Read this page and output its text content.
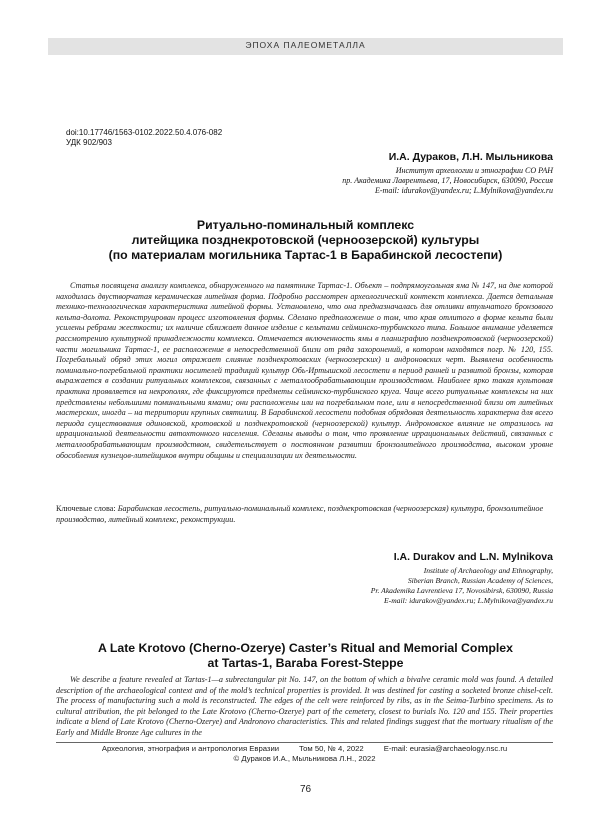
ЭПОХА ПАЛЕОМЕТАЛЛА
doi:10.17746/1563-0102.2022.50.4.076-082
УДК 902/903
И.А. Дураков, Л.Н. Мыльникова
Институт археологии и этнографии СО РАН
пр. Академика Лаврентьева, 17, Новосибирск, 630090, Россия
E-mail: idurakov@yandex.ru; L.Mylnikova@yandex.ru
Ритуально-поминальный комплекс
литейщика позднекротовской (черноозерской) культуры
(по материалам могильника Тартас-1 в Барабинской лесостепи)
Статья посвящена анализу комплекса, обнаруженного на памятнике Тартас-1. Объект – подпрямоугольная яма № 147, на дне которой находилась двустворчатая керамическая литейная форма. Подробно рассмотрен археологический контекст комплекса. Дается детальная технико-технологическая характеристика литейной формы. Установлено, что она предназначалась для отливки втульчатого бронзового кельта-долота. Реконструирован процесс изготовления формы. Сделано предположение о том, что края отлитого в форме кельта были усилены ребрами жесткости; их наличие сближает данное изделие с кельтами сейминско-турбинского типа. Большое внимание уделяется рассмотрению культурной принадлежности комплекса. Отмечается включенность ямы в планиграфию позднекротовской (черноозерской) части могильника Тартас-1, ее расположение в непосредственной близи от ряда захоронений, в котором находятся погр. № 120, 155. Погребальный обряд этих могил отражает слияние позднекротовских (черноозерских) и андроновских черт. Выявлена особенность поминально-погребальной практики носителей традиций культур Обь-Иртышской лесостепи в период ранней и развитой бронзы, которая выражается в создании ритуальных комплексов, связанных с металлообрабатывающим производством. Наиболее ярко такая культовая практика проявляется на некрополях, где фиксируются предметы сейминско-турбинского круга. Чаще всего ритуальные комплексы на них представлены небольшими поминальными ямами; они расположены или на погребальном поле, или в непосредственной близи от литейных мастерских, иногда – на территории крупных святилищ. В Барабинской лесостепи подобная обрядовая деятельность характерна для всего периода существования одиновской, кротовской и позднекротовской (черноозерской) культур. Андроновское влияние не отразилось на иррациональной деятельности автохтонного населения. Сделаны выводы о том, что проявление иррациональных действий, связанных с металлообрабатывающим производством, свидетельствует о постоянном развитии бронзолитейного производства, высоком уровне обособления кузнецов-литейщиков внутри общины и специализации их деятельности.
Ключевые слова: Барабинская лесостепь, ритуально-поминальный комплекс, позднекротовская (черноозерская) культура, бронзолитейное производство, литейный комплекс, реконструкции.
I.A. Durakov and L.N. Mylnikova
Institute of Archaeology and Ethnography,
Siberian Branch, Russian Academy of Sciences,
Pr. Akademika Lavrentieva 17, Novosibirsk, 630090, Russia
E-mail: idurakov@yandex.ru; L.Mylnikova@yandex.ru
A Late Krotovo (Cherno-Ozerye) Caster’s Ritual and Memorial Complex
at Tartas-1, Baraba Forest-Steppe
We describe a feature revealed at Tartas-1—a subrectangular pit No. 147, on the bottom of which a bivalve ceramic mold was found. A detailed description of the archaeological context and of the mold’s technical properties is provided. It was destined for casting a socketed bronze chisel-celt. The process of manufacturing such a mold is reconstructed. The edges of the celt were reinforced by ribs, as in the Seima-Turbino specimens. As to cultural attribution, the pit belonged to the Late Krotovo (Cherno-Ozerye) part of the cemetery, closest to burials No. 120 and 155. Their properties indicate a blend of Late Krotovo (Cherno-Ozerye) and Andronovo characteristics. This and related findings suggest that the mortuary ritualism of the Early and Middle Bronze Age cultures in the
Археология, этнография и антропология Евразии	Том 50, № 4, 2022	E-mail: eurasia@archaeology.nsc.ru
© Дураков И.А., Мыльникова Л.Н., 2022
76
